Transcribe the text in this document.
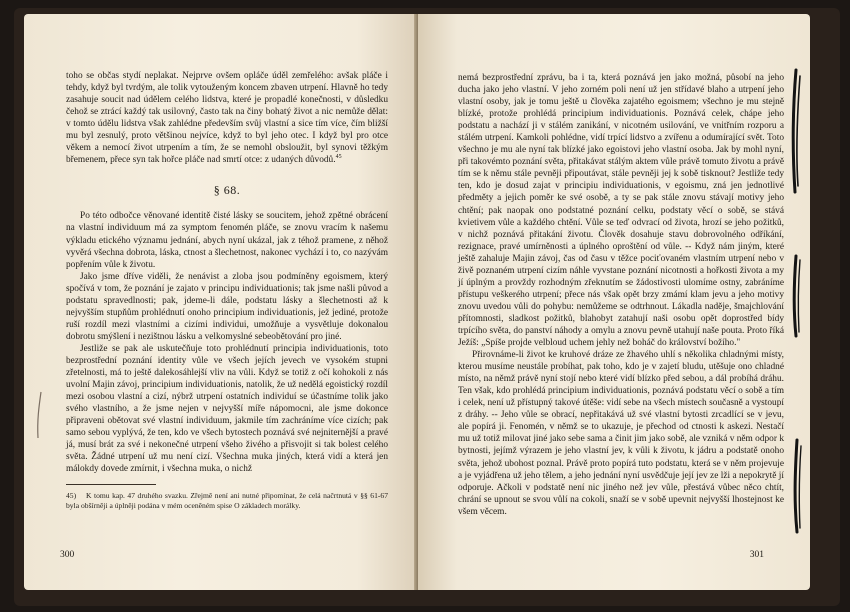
toho se občas stydí neplakat. Nejprve ovšem opláče úděl zemřelého: avšak pláče i tehdy, když byl tvrdým, ale tolik vytouženým koncem zbaven utrpení. Hlavně ho tedy zasahuje soucit nad údělem celého lidstva, které je propadlé konečnosti, v důsledku čehož se ztrácí každý tak usilovný, často tak na činy bohatý život a nic nemůže dělat: v tomto údělu lidstva však zahlédne především svůj vlastní a sice tím více, čím bližší mu byl zesnulý, proto většinou nejvíce, když to byl jeho otec. I když byl pro otce věkem a nemocí život utrpením a tím, že se nemohl obsloužit, byl synovi těžkým břemenem, přece syn tak hořce pláče nad smrtí otce: z udaných důvodů.$^{45}$

§ 68.

Po této odbočce věnované identitě čisté lásky se soucitem, jehož zpětné obrácení na vlastní individuum má za symptom fenomén pláče, se znovu vracím k našemu výkladu etického významu jednání, abych nyní ukázal, jak z téhož pramene, z něhož vyvěrá všechna dobrota, láska, ctnost a šlechetnost, nakonec vychází i to, co nazývám popřením vůle k životu.

Jako jsme dříve viděli, že nenávist a zloba jsou podmíněny egoismem, který spočívá v tom, že poznání je zajato v principu individuationis; tak jsme našli původ a podstatu spravedlnosti; pak, jdeme-li dále, podstatu lásky a šlechetnosti až k nejvyšším stupňům prohlédnutí onoho principium individuationis, jež jediné, protože ruší rozdíl mezi vlastními a cizími individui, umožňuje a vysvětluje dokonalou dobrotu smýšlení i nezištnou lásku a velkomyslné sebeobětování pro jiné.

Jestliže se pak ale uskutečňuje toto prohlédnutí principia individuationis, toto bezprostřední poznání identity vůle ve všech jejích jevech ve vysokém stupni zřetelnosti, má to ještě dalekosáhlejší vliv na vůli. Když se totiž z očí kohokoli z nás uvolní Majin závoj, principium individuationis, natolik, že už nedělá egoistický rozdíl mezi osobou vlastní a cizí, nýbrž utrpení ostatních individuí se účastníme tolik jako svého vlastního, a že jsme nejen v nejvyšší míře nápomocni, ale jsme dokonce připraveni obětovat své vlastní individuum, jakmile tím zachráníme více cizích; pak samo sebou vyplývá, že ten, kdo ve všech bytostech poznává své nejniternější a pravé já, musí brát za své i nekonečné utrpení všeho živého a přisvojit si tak bolest celého světa. Žádné utrpení už mu není cizí. Všechna muka jiných, která vidí a která jen málokdy dovede zmírnit, i všechna muka, o nichž

45) K tomu kap. 47 druhého svazku. Zřejmě není ani nutné připomínat, že celá načrtnutá v §§ 61-67 byla obšírněji a úplněji podána v mém oceněném spise O základech morálky.
300

nemá bezprostřední zprávu, ba i ta, která poznává jen jako možná, působí na jeho ducha jako jeho vlastní. V jeho zorném poli není už jen střídavé blaho a utrpení jeho vlastní osoby, jak je tomu ještě u člověka zajatého egoismem; všechno je mu stejně blízké, protože prohlédá principium individuationis. Poznává celek, chápe jeho podstatu a nachází ji v stálém zanikání, v nicotném usilování, ve vnitřním rozporu a stálém utrpení. Kamkoli pohlédne, vidí trpící lidstvo a zvířenu a odumírající svět. Toto všechno je mu ale nyní tak blízké jako egoistovi jeho vlastní osoba. Jak by mohl nyní, při takovémto poznání světa, přitakávat stálým aktem vůle právě tomuto životu a právě tím se k němu stále pevněji připoutávat, stále pevněji jej k sobě tisknout? Jestliže tedy ten, kdo je dosud zajat v principiu individuationis, v egoismu, zná jen jednotlivé předměty a jejich poměr ke své osobě, a ty se pak stále znovu stávají motivy jeho chtění; pak naopak ono podstatné poznání celku, podstaty věcí o sobě, se stává kvietivem vůle a každého chtění. Vůle se teď odvrací od života, hrozí se jeho požitků, v nichž poznává přitakání životu. Člověk dosahuje stavu dobrovolného odříkání, rezignace, pravé umírněnosti a úplného oproštění od vůle. -- Když nám jiným, které ještě zahaluje Majin závoj, čas od času v těžce pociťovaném vlastním utrpení nebo v živě poznaném utrpení cizím náhle vyvstane poznání nicotnosti a hořkosti života a my jí úplným a provždy rozhodným zřeknutím se žádostivosti ulomíme ostny, zabráníme přístupu veškerého utrpení; přece nás však opět brzy zmámí klam jevu a jeho motivy znovu uvedou vůli do pohybu: nemůžeme se odtrhnout. Lákadla naděje, šmajchlování přítomnosti, sladkost požitků, blahobyt zatahují naši osobu opět doprostřed bídy trpícího světa, do panství náhody a omylu a znovu pevně utahují naše pouta. Proto říká Ježíš: „Spíše projde velbloud uchem jehly než boháč do království božího."

Přirovnáme-li život ke kruhové dráze ze žhavého uhlí s několika chladnými místy, kterou musíme neustále probíhat, pak toho, kdo je v zajetí bludu, utěšuje ono chladné místo, na němž právě nyní stojí nebo které vidí blízko před sebou, a dál probíhá dráhu. Ten však, kdo prohlédá principium individuationis, poznává podstatu věcí o sobě a tím i celek, není už přístupný takové útěše: vidí sebe na všech místech současně a vystoupí z dráhy. -- Jeho vůle se obrací, nepřitakává už své vlastní bytosti zrcadlící se v jevu, ale popírá ji. Fenomén, v němž se to ukazuje, je přechod od ctnosti k askezi. Nestačí mu už totiž milovat jiné jako sebe sama a činit jim jako sobě, ale vzniká v něm odpor k bytnosti, jejímž výrazem je jeho vlastní jev, k vůli k životu, k jádru a podstatě onoho světa, jehož ubohost poznal. Právě proto popírá tuto podstatu, která se v něm projevuje a je vyjádřena už jeho tělem, a jeho jednání nyní usvědčuje její jev ze lži a nepokrytě jí odporuje. Ačkoli v podstatě není nic jiného než jev vůle, přestává vůbec něco chtít, chrání se upnout se svou vůlí na cokoli, snaží se v sobě upevnit nejvyšší lhostejnost ke všem věcem.

301
